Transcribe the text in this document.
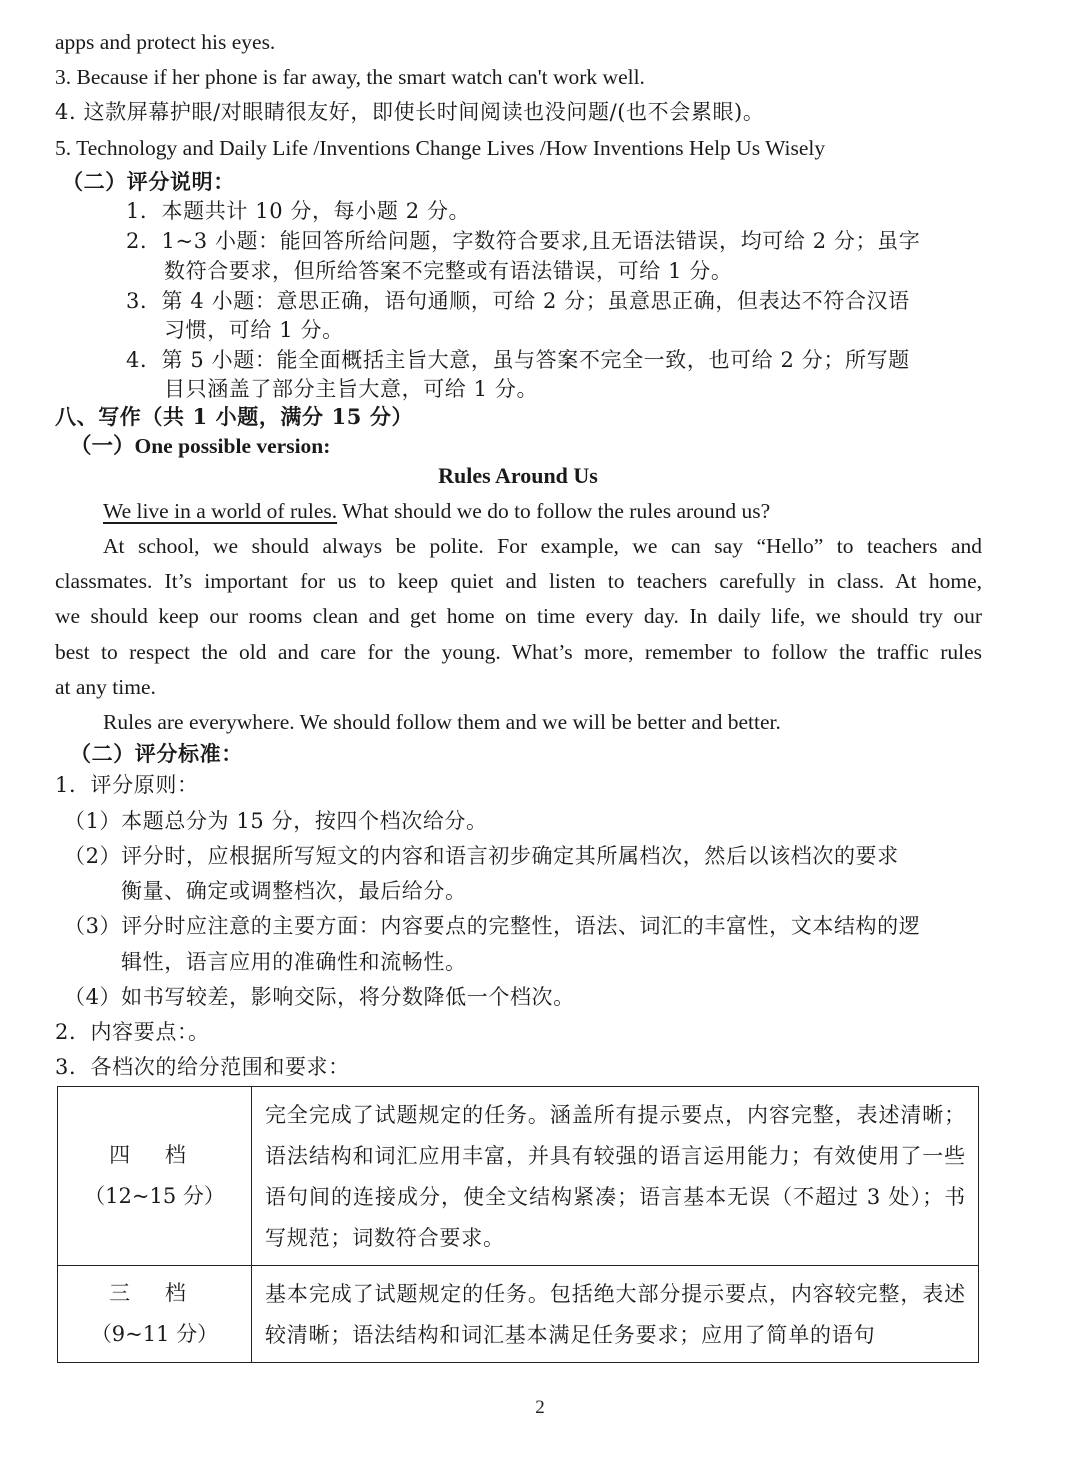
apps and protect his eyes.
3. Because if her phone is far away, the smart watch can't work well.
4. 这款屏幕护眼/对眼睛很友好，即使长时间阅读也没问题/(也不会累眼)。
5. Technology and Daily Life /Inventions Change Lives /How Inventions Help Us Wisely
（二）评分说明：
1．本题共计 10 分，每小题 2 分。
2．1~3 小题：能回答所给问题，字数符合要求,且无语法错误，均可给 2 分；虽字
数符合要求，但所给答案不完整或有语法错误，可给 1 分。
3．第 4 小题：意思正确，语句通顺，可给 2 分；虽意思正确，但表达不符合汉语
习惯，可给 1 分。
4．第 5 小题：能全面概括主旨大意，虽与答案不完全一致，也可给 2 分；所写题
目只涵盖了部分主旨大意，可给 1 分。
八、写作（共 1 小题，满分 15 分）
（一）One possible version:
Rules Around Us
We live in a world of rules. What should we do to follow the rules around us?
At school, we should always be polite. For example, we can say “Hello” to teachers and
classmates. It’s important for us to keep quiet and listen to teachers carefully in class. At home,
we should keep our rooms clean and get home on time every day. In daily life, we should try our
best to respect the old and care for the young. What’s more, remember to follow the traffic rules
at any time.
Rules are everywhere. We should follow them and we will be better and better.
（二）评分标准：
1．评分原则：
（1）本题总分为 15 分，按四个档次给分。
（2）评分时，应根据所写短文的内容和语言初步确定其所属档次，然后以该档次的要求
衡量、确定或调整档次，最后给分。
（3）评分时应注意的主要方面：内容要点的完整性，语法、词汇的丰富性，文本结构的逻
辑性，语言应用的准确性和流畅性。
（4）如书写较差，影响交际，将分数降低一个档次。
2．内容要点：。
3．各档次的给分范围和要求：
四 档
（12~15 分）	完全完成了试题规定的任务。涵盖所有提示要点，内容完整，表述清晰；语法结构和词汇应用丰富，并具有较强的语言运用能力；有效使用了一些语句间的连接成分，使全文结构紧凑；语言基本无误（不超过 3 处）；书写规范；词数符合要求。

三 档
（9~11 分）	基本完成了试题规定的任务。包括绝大部分提示要点，内容较完整，表述较清晰；语法结构和词汇基本满足任务要求；应用了简单的语句
2
